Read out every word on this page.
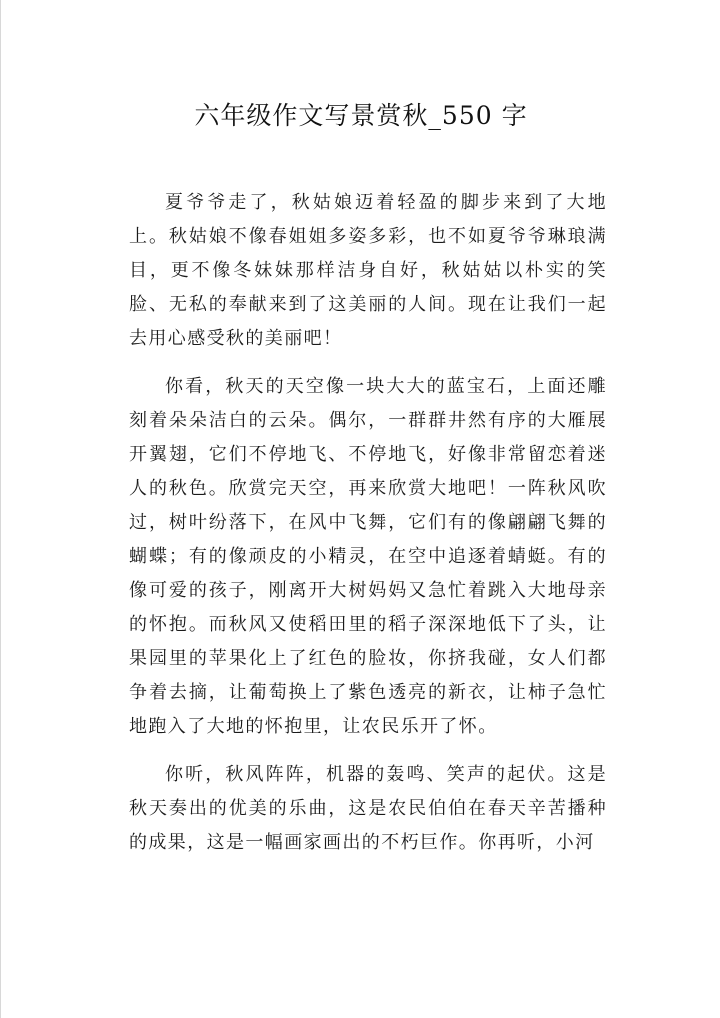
六年级作文写景赏秋_550 字

夏爷爷走了，秋姑娘迈着轻盈的脚步来到了大地上。秋姑娘不像春姐姐多姿多彩，也不如夏爷爷琳琅满目，更不像冬妹妹那样洁身自好，秋姑姑以朴实的笑脸、无私的奉献来到了这美丽的人间。现在让我们一起去用心感受秋的美丽吧！

你看，秋天的天空像一块大大的蓝宝石，上面还雕刻着朵朵洁白的云朵。偶尔，一群群井然有序的大雁展开翼翅，它们不停地飞、不停地飞，好像非常留恋着迷人的秋色。欣赏完天空，再来欣赏大地吧！一阵秋风吹过，树叶纷落下，在风中飞舞，它们有的像翩翩飞舞的蝴蝶；有的像顽皮的小精灵，在空中追逐着蜻蜓。有的像可爱的孩子，刚离开大树妈妈又急忙着跳入大地母亲的怀抱。而秋风又使稻田里的稻子深深地低下了头，让果园里的苹果化上了红色的脸妆，你挤我碰，女人们都争着去摘，让葡萄换上了紫色透亮的新衣，让柿子急忙地跑入了大地的怀抱里，让农民乐开了怀。

你听，秋风阵阵，机器的轰鸣、笑声的起伏。这是秋天奏出的优美的乐曲，这是农民伯伯在春天辛苦播种的成果，这是一幅画家画出的不朽巨作。你再听，小河
